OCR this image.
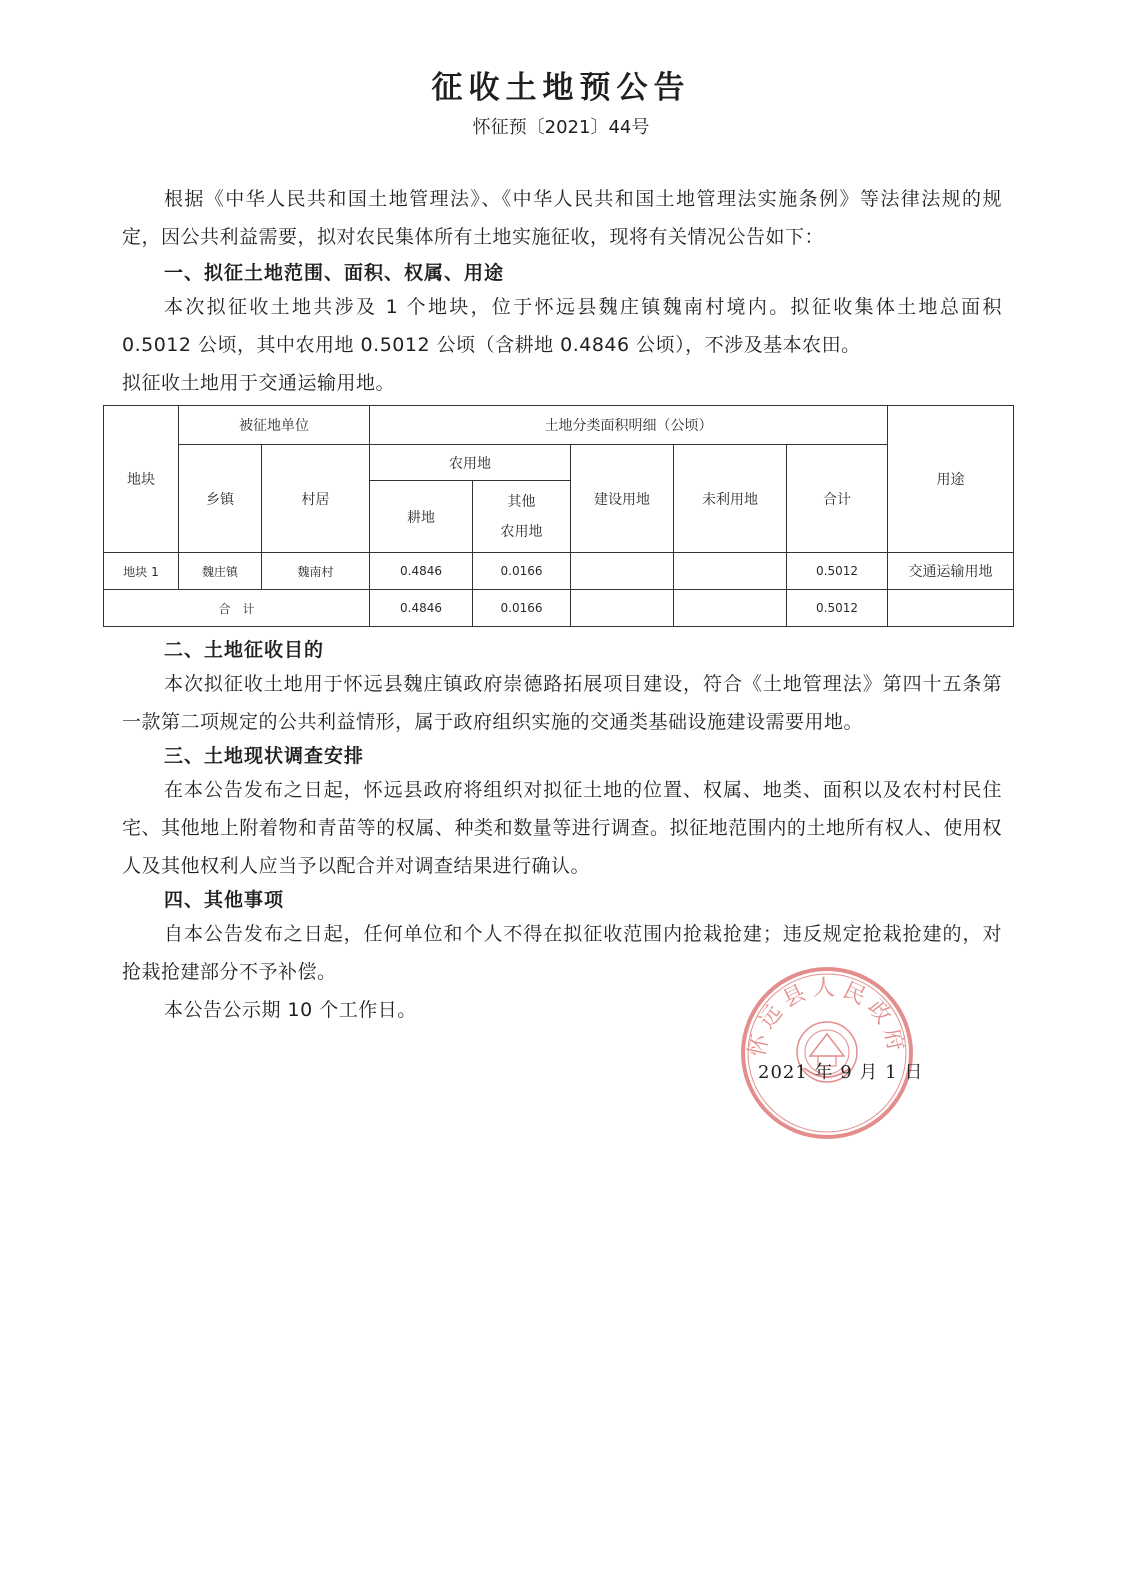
征收土地预公告
怀征预〔2021〕44号

根据《中华人民共和国土地管理法》、《中华人民共和国土地管理法实施条例》等法律法规的规定，因公共利益需要，拟对农民集体所有土地实施征收，现将有关情况公告如下：

一、拟征土地范围、面积、权属、用途

本次拟征收土地共涉及 1 个地块，位于怀远县魏庄镇魏南村境内。拟征收集体土地总面积 0.5012 公顷，其中农用地 0.5012 公顷（含耕地 0.4846 公顷），不涉及基本农田。

拟征收土地用于交通运输用地。

地块	被征地单位		土地分类面积明细（公顷）					用途
	乡镇	村居	农用地		建设用地	未利用地	合计	
			耕地	其他
农用地				

地块 1	魏庄镇	魏南村	0.4846	0.0166			0.5012	交通运输用地
合　计			0.4846	0.0166			0.5012	

二、土地征收目的

本次拟征收土地用于怀远县魏庄镇政府崇德路拓展项目建设，符合《土地管理法》第四十五条第一款第二项规定的公共利益情形，属于政府组织实施的交通类基础设施建设需要用地。

三、土地现状调查安排

在本公告发布之日起，怀远县政府将组织对拟征土地的位置、权属、地类、面积以及农村村民住宅、其他地上附着物和青苗等的权属、种类和数量等进行调查。拟征地范围内的土地所有权人、使用权人及其他权利人应当予以配合并对调查结果进行确认。

四、其他事项

自本公告发布之日起，任何单位和个人不得在拟征收范围内抢栽抢建；违反规定抢栽抢建的，对抢栽抢建部分不予补偿。

本公告公示期 10 个工作日。

怀远县人民政府
2021 年 9 月 1 日
